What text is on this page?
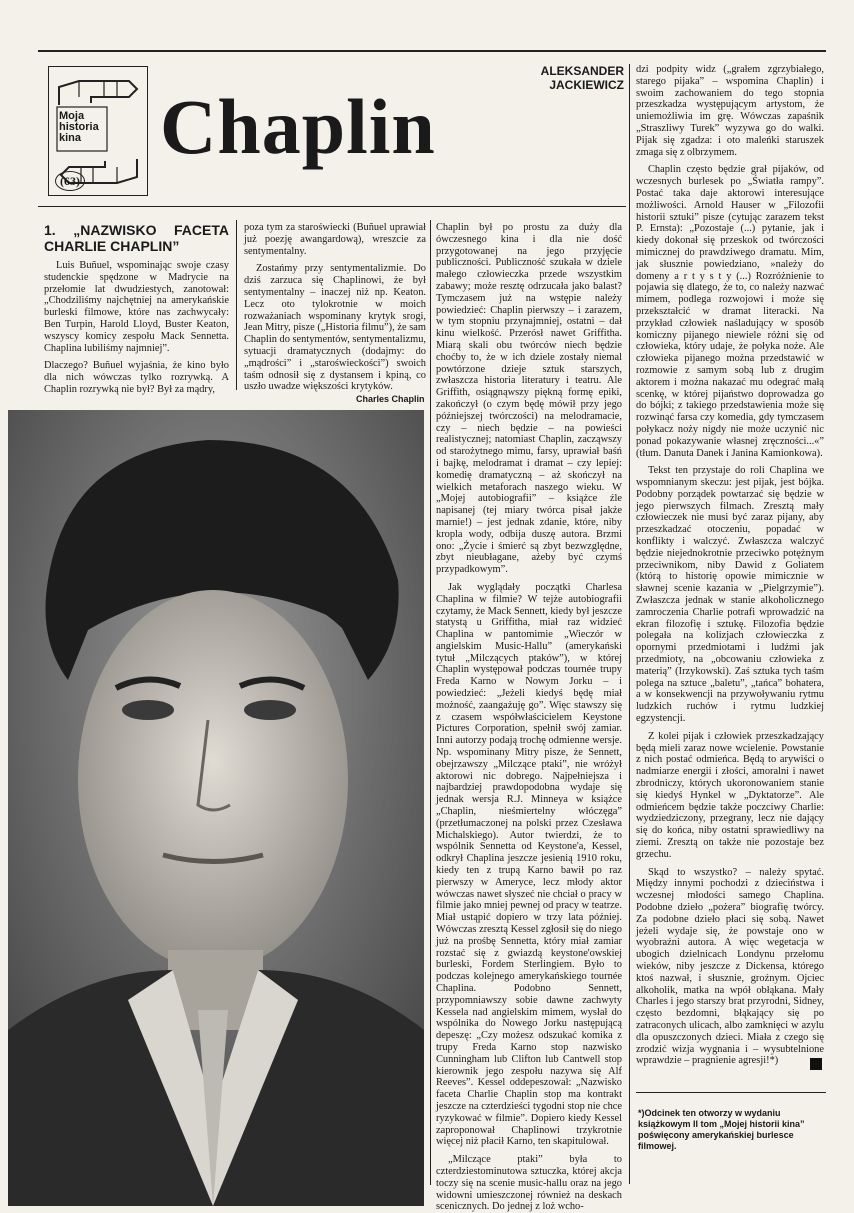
Moja historia kina
(63)
Chaplin
ALEKSANDER
JACKIEWICZ
1. „NAZWISKO FACETA CHARLIE CHAPLIN”

Luis Buñuel, wspominając swoje czasy studenckie spędzone w Madrycie na przełomie lat dwudziestych, zanotował: „Chodziliśmy najchętniej na amerykańskie burleski filmowe, które nas zachwycały: Ben Turpin, Harold Lloyd, Buster Keaton, wszyscy komicy zespołu Mack Sennetta. Chaplina lubiliśmy najmniej”.

Dlaczego? Buñuel wyjaśnia, że kino było dla nich wówczas tylko rozrywką. A Chaplin rozrywką nie był? Był za mądry,

poza tym za staroświecki (Buñuel uprawiał już poezję awangardową), wreszcie za sentymentalny.

Zostańmy przy sentymentalizmie. Do dziś zarzuca się Chaplinowi, że był sentymentalny – inaczej niż np. Keaton. Lecz oto tylokrotnie w moich rozważaniach wspominany krytyk srogi, Jean Mitry, pisze („Historia filmu”), że sam Chaplin do sentymentów, sentymentalizmu, sytuacji dramatycznych (dodajmy: do „mądrości” i „staroświeckości”) swoich taśm odnosił się z dystansem i kpiną, co uszło uwadze większości krytyków.

Charles Chaplin

Chaplin był po prostu za duży dla ówczesnego kina i dla nie dość przygotowanej na jego przyjęcie publiczności. Publiczność szukała w dziele małego człowieczka przede wszystkim zabawy; może resztę odrzucała jako balast? Tymczasem już na wstępie należy powiedzieć: Chaplin pierwszy – i zarazem, w tym stopniu przynajmniej, ostatni – dał kinu wielkość. Przerósł nawet Griffitha. Miarą skali obu twórców niech będzie choćby to, że w ich dziele zostały niemal powtórzone dzieje sztuk starszych, zwłaszcza historia literatury i teatru. Ale Griffith, osiągnąwszy piękną formę epiki, zakończył (o czym będę mówił przy jego późniejszej twórczości) na melodramacie, czy – niech będzie – na powieści realistycznej; natomiast Chaplin, zacząwszy od starożytnego mimu, farsy, uprawiał baśń i bajkę, melodramat i dramat – czy lepiej: komedię dramatyczną – aż skończył na wielkich metaforach naszego wieku. W „Mojej autobiografii” – książce źle napisanej (tej miary twórca pisał jakże marnie!) – jest jednak zdanie, które, niby kropla wody, odbija duszę autora. Brzmi ono: „Życie i śmierć są zbyt bezwzględne, zbyt nieubłagane, ażeby być czymś przypadkowym”.

Jak wyglądały początki Charlesa Chaplina w filmie? W tejże autobiografii czytamy, że Mack Sennett, kiedy był jeszcze statystą u Griffitha, miał raz widzieć Chaplina w pantomimie „Wieczór w angielskim Music-Hallu” (amerykański tytuł „Milczących ptaków”), w której Chaplin występował podczas tournée trupy Freda Karno w Nowym Jorku – i powiedzieć: „Jeżeli kiedyś będę miał możność, zaangażuję go”. Więc stawszy się z czasem współwłaścicielem Keystone Pictures Corporation, spełnił swój zamiar. Inni autorzy podają trochę odmienne wersje. Np. wspominany Mitry pisze, że Sennett, obejrzawszy „Milczące ptaki”, nie wróżył aktorowi nic dobrego. Najpełniejsza i najbardziej prawdopodobna wydaje się jednak wersja R.J. Minneya w książce „Chaplin, nieśmiertelny włóczęga” (przetłumaczonej na polski przez Czesława Michalskiego). Autor twierdzi, że to wspólnik Sennetta od Keystone'a, Kessel, odkrył Chaplina jeszcze jesienią 1910 roku, kiedy ten z trupą Karno bawił po raz pierwszy w Ameryce, lecz młody aktor wówczas nawet słyszeć nie chciał o pracy w filmie jako mniej pewnej od pracy w teatrze. Miał ustąpić dopiero w trzy lata później. Wówczas zresztą Kessel zgłosił się do niego już na prośbę Sennetta, który miał zamiar rozstać się z gwiazdą keystone'owskiej burleski, Fordem Sterlingiem. Było to podczas kolejnego amerykańskiego tournée Chaplina. Podobno Sennett, przypomniawszy sobie dawne zachwyty Kessela nad angielskim mimem, wysłał do wspólnika do Nowego Jorku następującą depeszę: „Czy możesz odszukać komika z trupy Freda Karno stop nazwisko Cunningham lub Clifton lub Cantwell stop kierownik jego zespołu nazywa się Alf Reeves”. Kessel oddepeszował: „Nazwisko faceta Charlie Chaplin stop ma kontrakt jeszcze na czterdzieści tygodni stop nie chce ryzykować w filmie”. Dopiero kiedy Kessel zaproponował Chaplinowi trzykrotnie więcej niż płacił Karno, ten skapitulował.

„Milczące ptaki” była to czterdziestominutowa sztuczka, której akcja toczy się na scenie music-hallu oraz na jego widowni umieszczonej również na deskach scenicznych. Do jednej z loż wcho-

dzi podpity widz („grałem zgrzybiałego, starego pijaka” – wspomina Chaplin) i swoim zachowaniem do tego stopnia przeszkadza występującym artystom, że uniemożliwia im grę. Wówczas zapaśnik „Straszliwy Turek” wyzywa go do walki. Pijak się zgadza: i oto maleńki staruszek zmaga się z olbrzymem.

Chaplin często będzie grał pijaków, od wczesnych burlesek po „Światła rampy”. Postać taka daje aktorowi interesujące możliwości. Arnold Hauser w „Filozofii historii sztuki” pisze (cytując zarazem tekst P. Ernsta): „Pozostaje (...) pytanie, jak i kiedy dokonał się przeskok od twórczości mimicznej do prawdziwego dramatu. Mim, jak słusznie powiedziano, »należy do domeny a r t y s t y (...) Rozróżnienie to pojawia się dlatego, że to, co należy nazwać mimem, podlega rozwojowi i może się przekształcić w dramat literacki. Na przykład człowiek naśladujący w sposób komiczny pijanego niewiele różni się od człowieka, który udaje, że połyka noże. Ale człowieka pijanego można przedstawić w rozmowie z samym sobą lub z drugim aktorem i można nakazać mu odegrać małą scenkę, w której pijaństwo doprowadza go do bójki; z takiego przedstawienia może się rozwinąć farsa czy komedia, gdy tymczasem połykacz noży nigdy nie może uczynić nic ponad pokazywanie własnej zręczności...«” (tłum. Danuta Danek i Janina Kamionkowa).

Tekst ten przystaje do roli Chaplina we wspomnianym skeczu: jest pijak, jest bójka. Podobny porządek powtarzać się będzie w jego pierwszych filmach. Zresztą mały człowieczek nie musi być zaraz pijany, aby przeszkadzać otoczeniu, popadać w konflikty i walczyć. Zwłaszcza walczyć będzie niejednokrotnie przeciwko potężnym przeciwnikom, niby Dawid z Goliatem (którą to historię opowie mimicznie w sławnej scenie kazania w „Pielgrzymie”). Zwłaszcza jednak w stanie alkoholicznego zamroczenia Charlie potrafi wprowadzić na ekran filozofię i sztukę. Filozofia będzie polegała na kolizjach człowieczka z opornymi przedmiotami i ludźmi jak przedmioty, na „obcowaniu człowieka z materią” (Irzykowski). Zaś sztuka tych taśm polega na sztuce „baletu”, „tańca” bohatera, a w konsekwencji na przywoływaniu rytmu ludzkich ruchów i rytmu ludzkiej egzystencji.

Z kolei pijak i człowiek przeszkadzający będą mieli zaraz nowe wcielenie. Powstanie z nich postać odmieńca. Będą to arywiści o nadmiarze energii i złości, amoralni i nawet zbrodniczy, których ukoronowaniem stanie się kiedyś Hynkel w „Dyktatorze”. Ale odmieńcem będzie także poczciwy Charlie: wydziedziczony, przegrany, lecz nie dający się do końca, niby ostatni sprawiedliwy na ziemi. Zresztą on także nie pozostaje bez grzechu.

Skąd to wszystko? – należy spytać. Między innymi pochodzi z dzieciństwa i wczesnej młodości samego Chaplina. Podobne dzieło „pożera” biografię twórcy. Za podobne dzieło płaci się sobą. Nawet jeżeli wydaje się, że powstaje ono w wyobraźni autora. A więc wegetacja w ubogich dzielnicach Londynu przełomu wieków, niby jeszcze z Dickensa, którego ktoś nazwał, i słusznie, groźnym. Ojciec alkoholik, matka na wpół obłąkana. Mały Charles i jego starszy brat przyrodni, Sidney, często bezdomni, błąkający się po zatraconych ulicach, albo zamknięci w azylu dla opuszczonych dzieci. Miała z czego się zrodzić wizja wygnania i – wysubtelnione wprawdzie – pragnienie agresji!*)

*)Odcinek ten otworzy w wydaniu książkowym II tom „Mojej historii kina” poświęcony amerykańskiej burlesce filmowej.
